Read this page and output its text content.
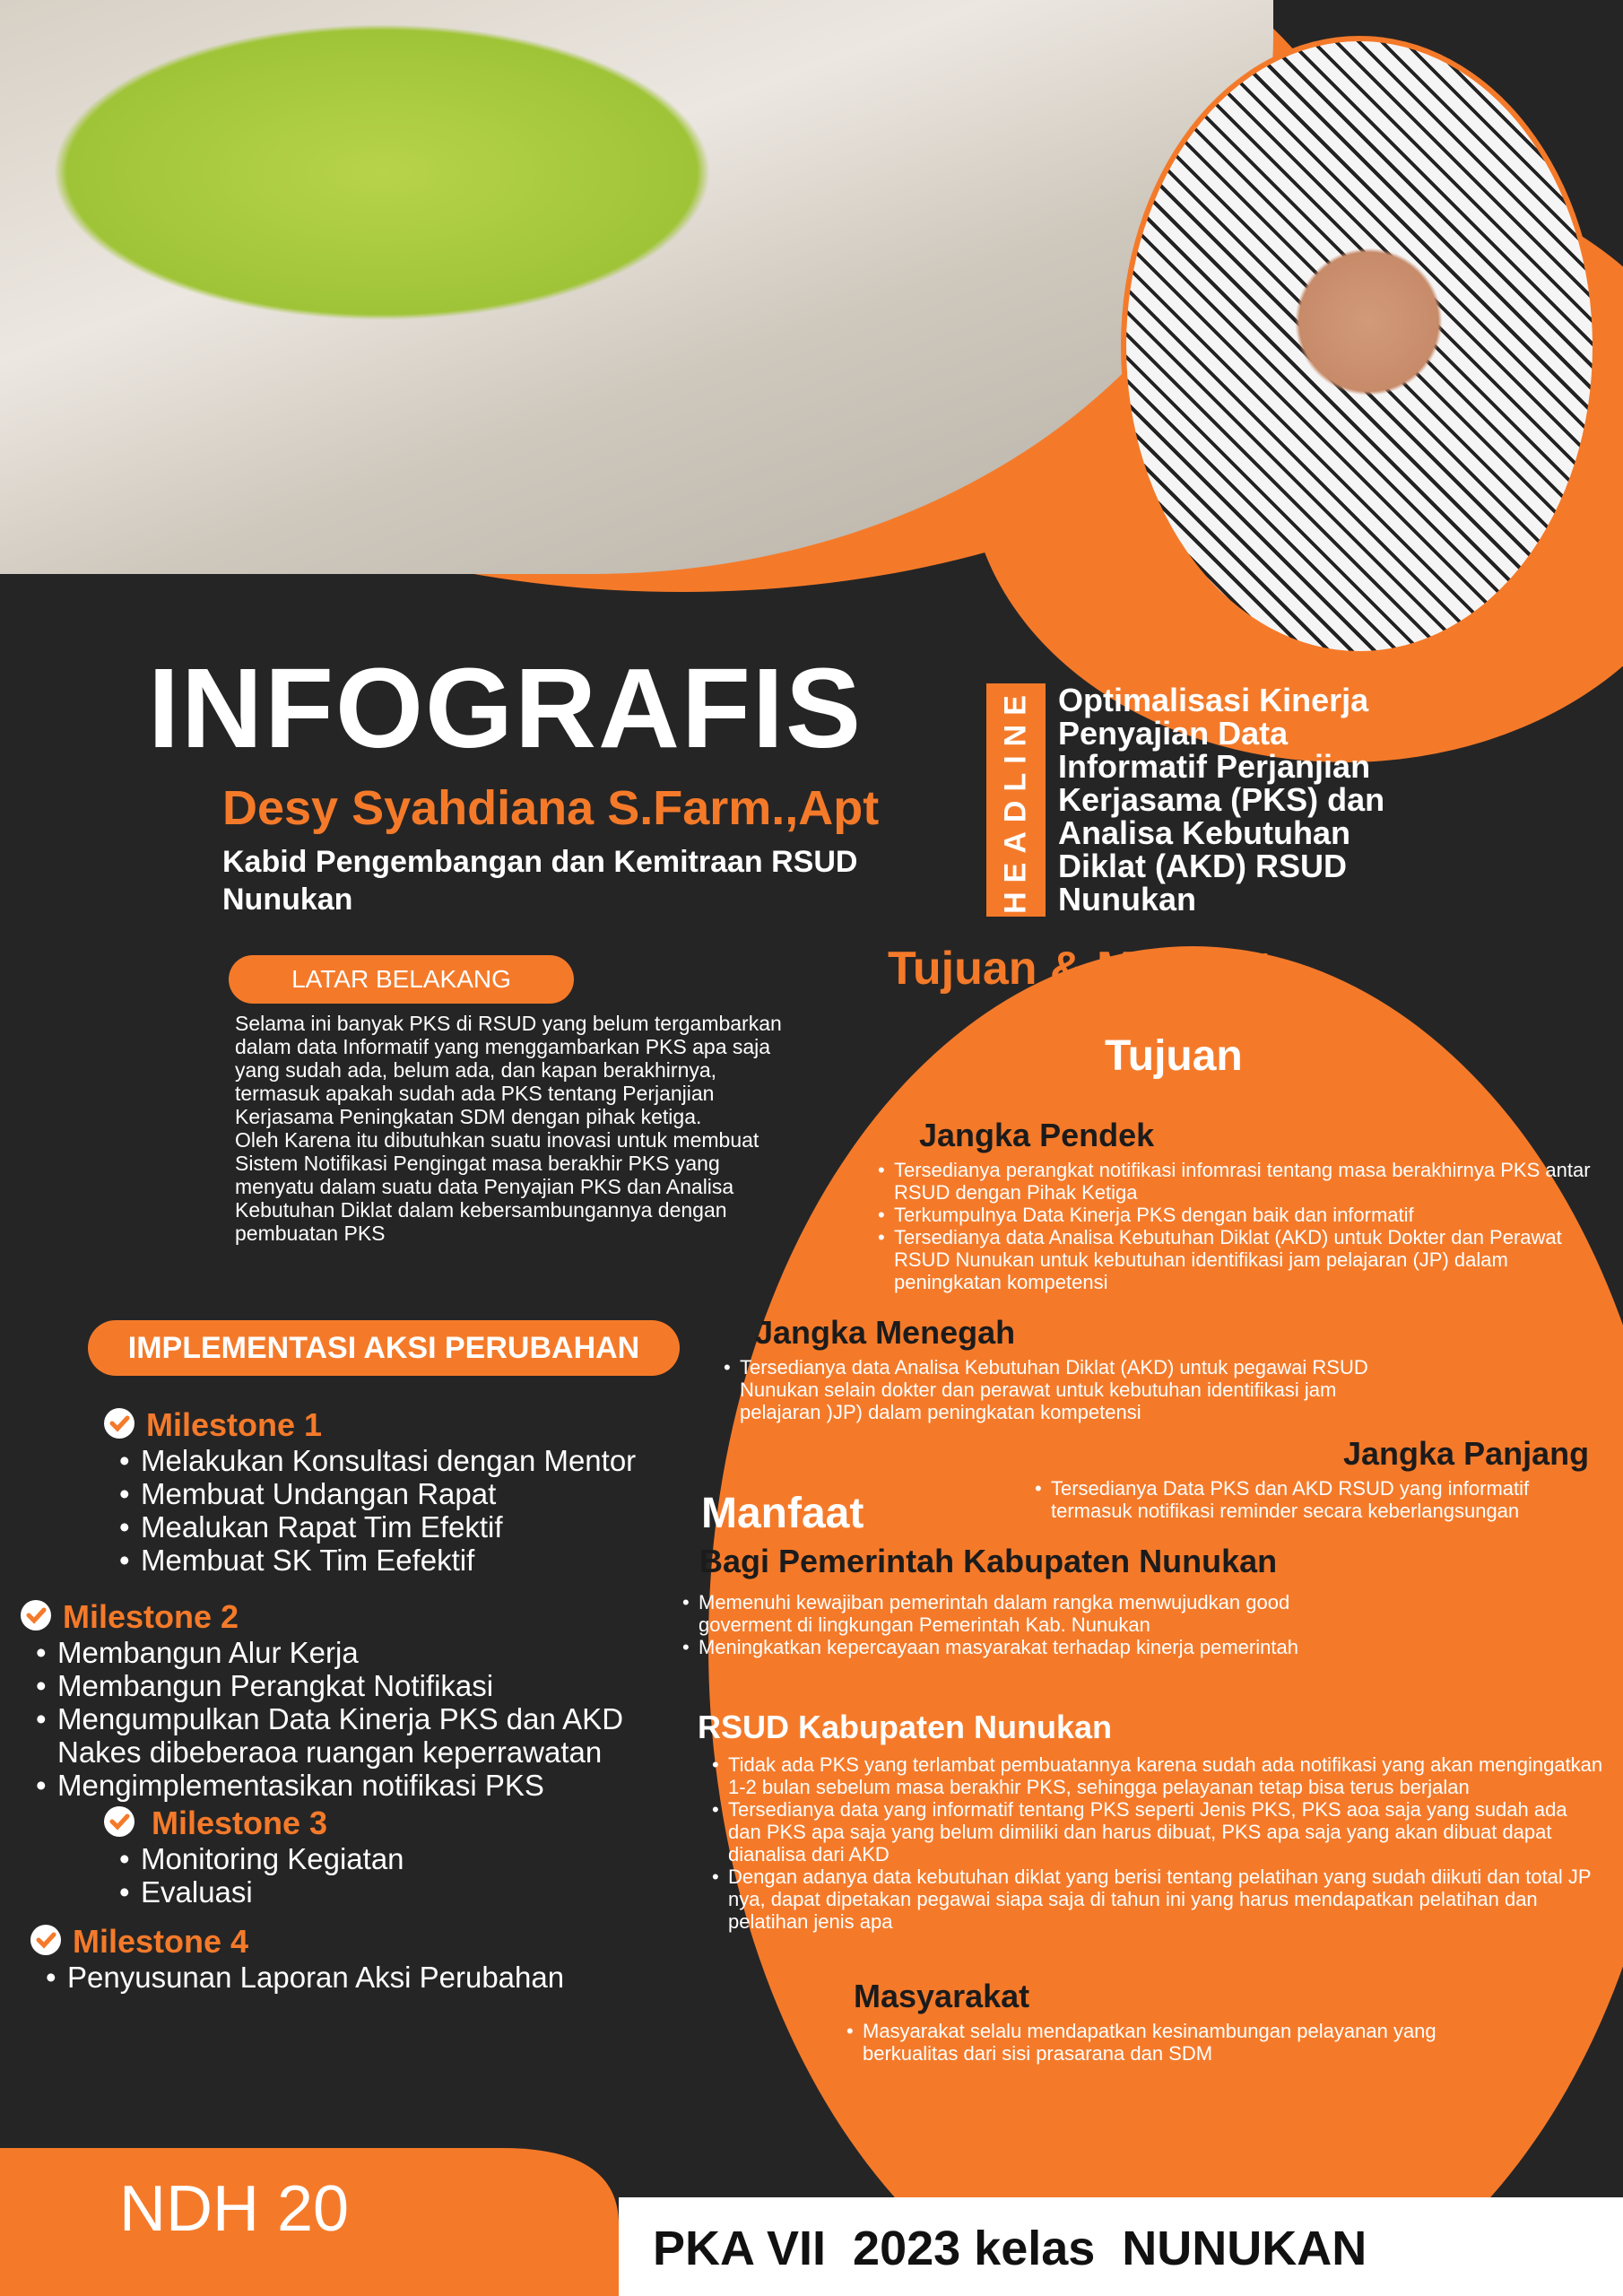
INFOGRAFIS
Desy Syahdiana S.Farm.,Apt
Kabid Pengembangan dan Kemitraan RSUD Nunukan	HEADLINE Optimalisasi Kinerja Penyajian Data Informatif Perjanjian Kerjasama (PKS) dan Analisa Kebutuhan Diklat (AKD) RSUD Nunukan
LATAR BELAKANG
Selama ini banyak PKS di RSUD yang belum tergambarkan dalam data Informatif yang menggambarkan PKS apa saja yang sudah ada, belum ada, dan kapan berakhirnya, termasuk apakah sudah ada PKS tentang Perjanjian Kerjasama Peningkatan SDM dengan pihak ketiga.
Oleh Karena itu dibutuhkan suatu inovasi untuk membuat Sistem Notifikasi Pengingat masa berakhir PKS yang menyatu dalam suatu data Penyajian PKS dan Analisa Kebutuhan Diklat dalam kebersambungannya dengan pembuatan PKS
IMPLEMENTASI AKSI PERUBAHAN
Milestone 1
• Melakukan Konsultasi dengan Mentor
• Membuat Undangan Rapat
• Mealukan Rapat Tim Efektif
• Membuat SK Tim Eefektif
Milestone 2
• Membangun Alur Kerja
• Membangun Perangkat Notifikasi
• Mengumpulkan Data Kinerja PKS dan AKD Nakes dibeberaoa ruangan keperrawatan
• Mengimplementasikan notifikasi PKS
Milestone 3
• Monitoring Kegiatan
• Evaluasi
Milestone 4
• Penyusunan Laporan Aksi Perubahan
Tujuan & Manfaat
Tujuan
Jangka Pendek
• Tersedianya perangkat notifikasi infomrasi tentang masa berakhirnya PKS antar RSUD dengan Pihak Ketiga
• Terkumpulnya Data Kinerja PKS dengan baik dan informatif
• Tersedianya data Analisa Kebutuhan Diklat (AKD) untuk Dokter dan Perawat RSUD Nunukan untuk kebutuhan identifikasi jam pelajaran (JP) dalam peningkatan kompetensi
Jangka Menegah
• Tersedianya data Analisa Kebutuhan Diklat (AKD) untuk pegawai RSUD Nunukan selain dokter dan perawat untuk kebutuhan identifikasi jam pelajaran )JP) dalam peningkatan kompetensi
Jangka Panjang
• Tersedianya Data PKS dan AKD RSUD yang informatif termasuk notifikasi reminder secara keberlangsungan
Manfaat
Bagi Pemerintah Kabupaten Nunukan
• Memenuhi kewajiban pemerintah dalam rangka menwujudkan good goverment di lingkungan Pemerintah Kab. Nunukan
• Meningkatkan kepercayaan masyarakat terhadap kinerja pemerintah
RSUD Kabupaten Nunukan
• Tidak ada PKS yang terlambat pembuatannya karena sudah ada notifikasi yang akan mengingatkan 1-2 bulan sebelum masa berakhir PKS, sehingga pelayanan tetap bisa terus berjalan
• Tersedianya data yang informatif tentang PKS seperti Jenis PKS, PKS aoa saja yang sudah ada dan PKS apa saja yang belum dimiliki dan harus dibuat, PKS apa saja yang akan dibuat dapat dianalisa dari AKD
• Dengan adanya data kebutuhan diklat yang berisi tentang pelatihan yang sudah diikuti dan total JP nya, dapat dipetakan pegawai siapa saja di tahun ini yang harus mendapatkan pelatihan dan pelatihan jenis apa
Masyarakat
• Masyarakat selalu mendapatkan kesinambungan pelayanan yang berkualitas dari sisi prasarana dan SDM
NDH 20
PKA VII  2023 kelas  NUNUKAN
